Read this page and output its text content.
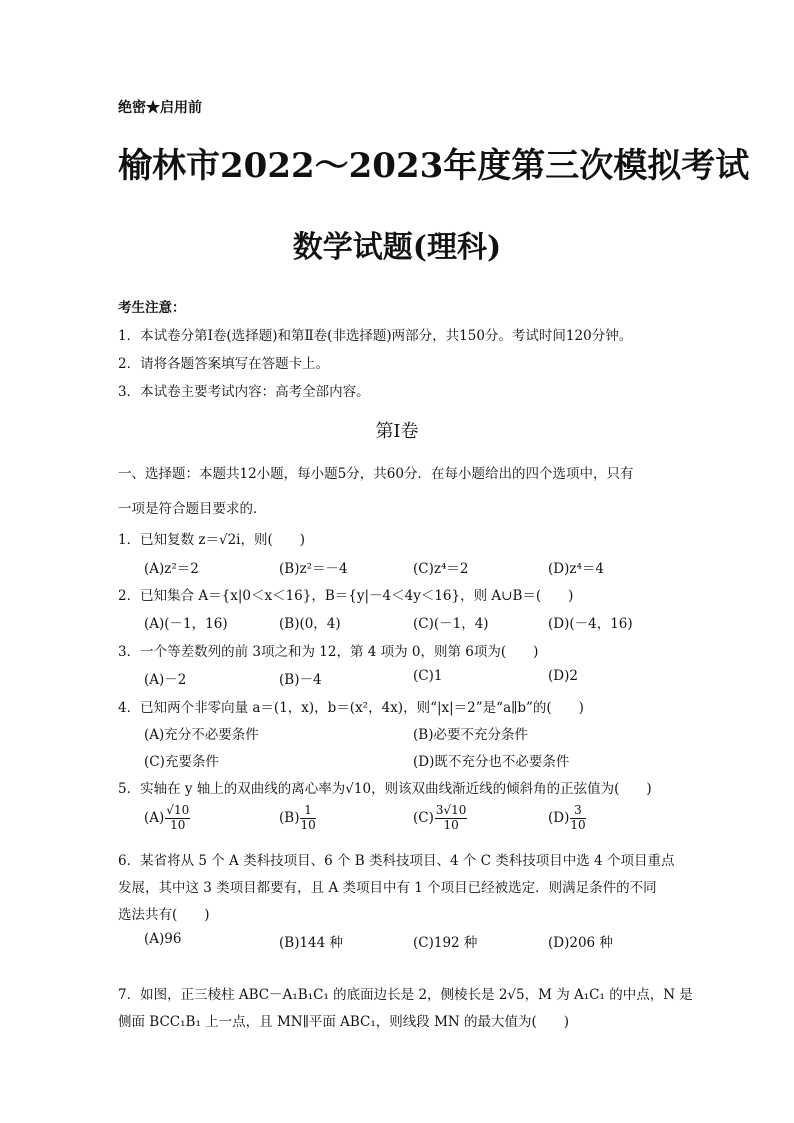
绝密★启用前
榆林市2022～2023年度第三次模拟考试
数学试题(理科)
考生注意：
1．本试卷分第Ⅰ卷(选择题)和第Ⅱ卷(非选择题)两部分，共150分。考试时间120分钟。
2．请将各题答案填写在答题卡上。
3．本试卷主要考试内容：高考全部内容。
第Ⅰ卷
一、选择题：本题共12小题，每小题5分，共60分．在每小题给出的四个选项中，只有
一项是符合题目要求的．
1．已知复数 z＝√2i，则(　　)
(A)z²＝2	(B)z²＝－4	(C)z⁴＝2	(D)z⁴＝4
2．已知集合 A＝{x|0＜x＜16}，B＝{y|－4＜4y＜16}，则 A∪B＝(　　)
(A)(－1，16)	(B)(0，4)	(C)(－1，4)	(D)(－4，16)
3．一个等差数列的前 3项之和为 12，第 4 项为 0，则第 6项为(　　)
(A)－2	(B)－4	(C)1	(D)2
4．已知两个非零向量 a＝(1，x)，b＝(x²，4x)，则“|x|＝2”是“a∥b”的(　　)
(A)充分不必要条件	(B)必要不充分条件
(C)充要条件	(D)既不充分也不必要条件
5．实轴在 y 轴上的双曲线的离心率为√10，则该双曲线渐近线的倾斜角的正弦值为(　　)
$(A) \frac{√10}{10}$	$(B) \frac{1}{10}$	$(C) \frac{3√10}{10}$	$(D) \frac{3}{10}$
6．某省将从 5 个 A 类科技项目、6 个 B 类科技项目、4 个 C 类科技项目中选 4 个项目重点
发展，其中这 3 类项目都要有，且 A 类项目中有 1 个项目已经被选定．则满足条件的不同
选法共有(　　)
(A)96	(B)144 种	(C)192 种	(D)206 种
7．如图，正三棱柱 ABC－A₁B₁C₁ 的底面边长是 2，侧棱长是 2√5，M 为 A₁C₁ 的中点，N 是
侧面 BCC₁B₁ 上一点，且 MN∥平面 ABC₁，则线段 MN 的最大值为(　　)
